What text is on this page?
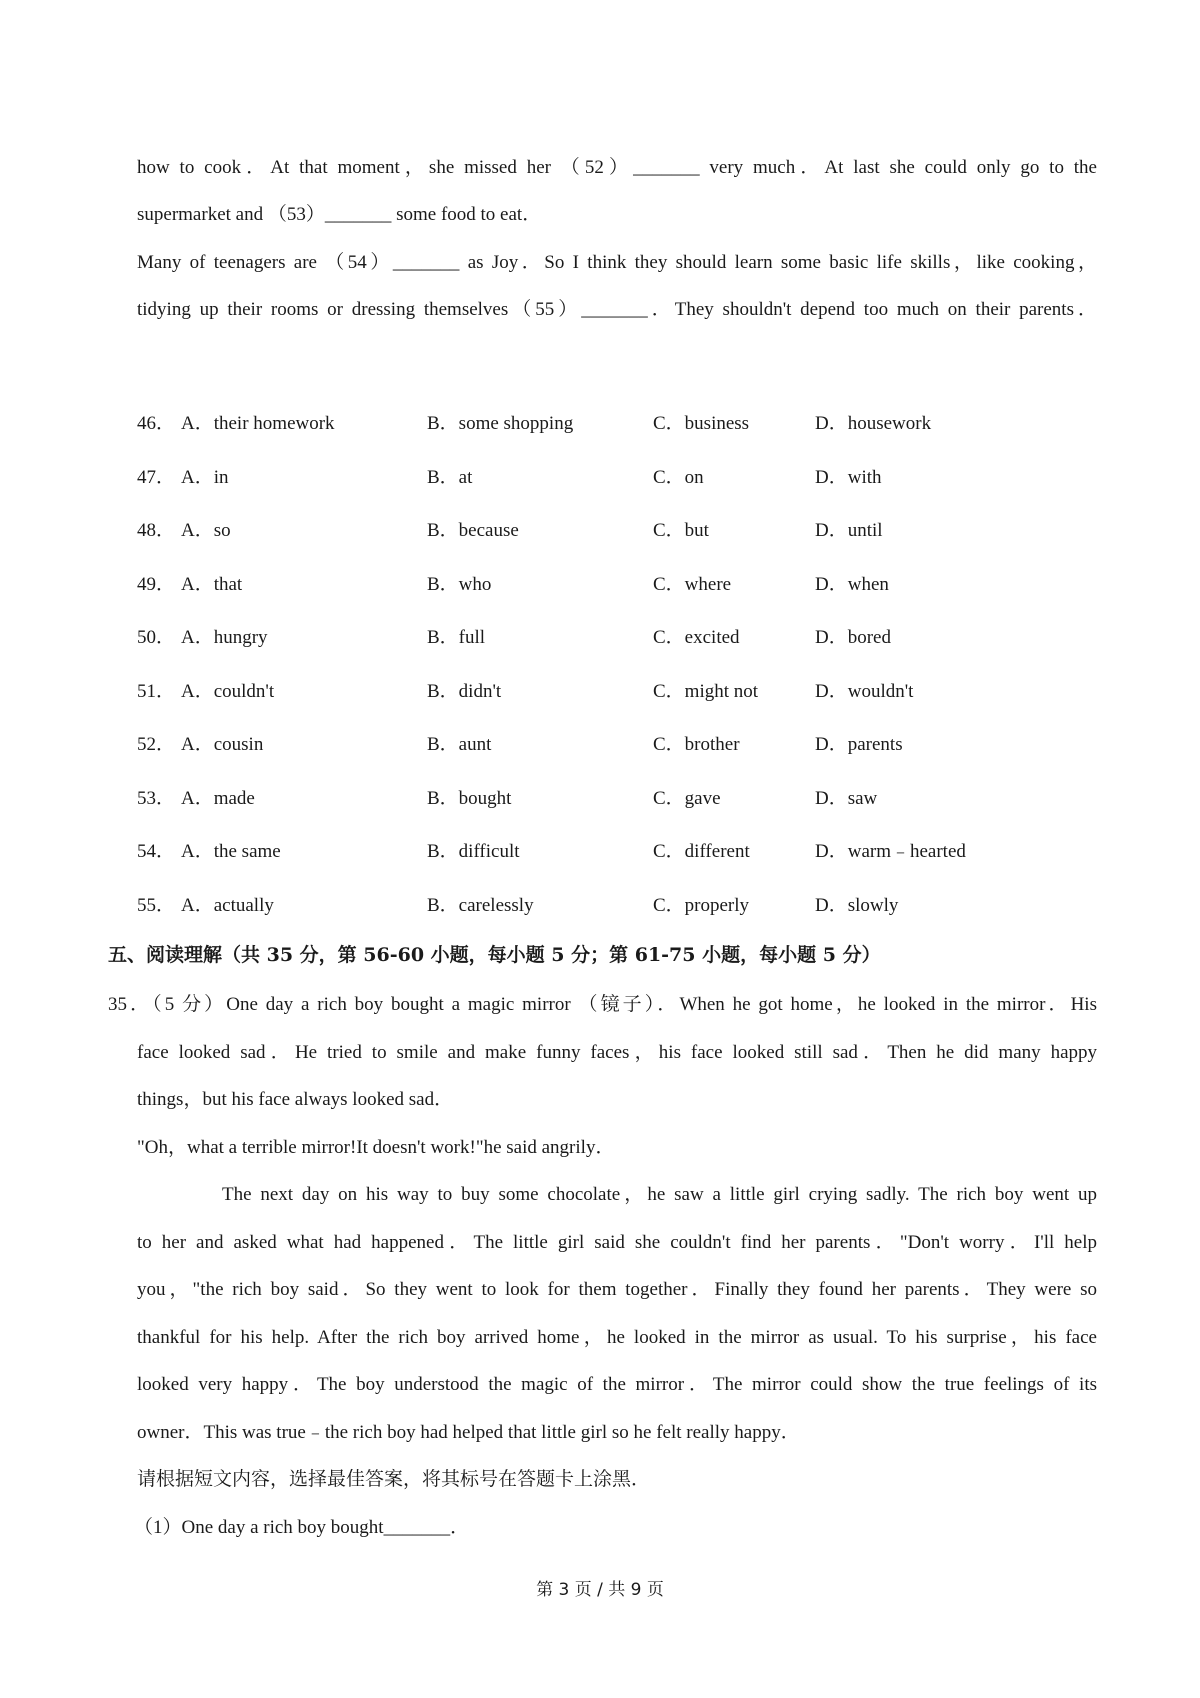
how to cook．At that moment，she missed her （52）_______ very much．At last she could only go to the
supermarket and （53）_______ some food to eat．
Many of teenagers are （54）_______ as Joy．So I think they should learn some basic life skills，like cooking，
tidying up their rooms or dressing themselves（55）_______．They shouldn't depend too much on their parents．
46． A．their homework	B．some shopping	C．business	D．housework
47． A．in	B．at	C．on	D．with
48． A．so	B．because	C．but	D．until
49． A．that	B．who	C．where	D．when
50． A．hungry	B．full	C．excited	D．bored
51． A．couldn't	B．didn't	C．might not	D．wouldn't
52． A．cousin	B．aunt	C．brother	D．parents
53． A．made	B．bought	C．gave	D．saw
54． A．the same	B．difficult	C．different	D．warm﹣hearted
55． A．actually	B．carelessly	C．properly	D．slowly
五、阅读理解（共 35 分，第 56-60 小题，每小题 5 分；第 61-75 小题，每小题 5 分）
35．（5 分）One day a rich boy bought a magic mirror （镜子）．When he got home，he looked in the mirror．His
face looked sad．He tried to smile and make funny faces，his face looked still sad．Then he did many happy
things，but his face always looked sad．
"Oh，what a terrible mirror!It doesn't work!"he said angrily．
The next day on his way to buy some chocolate，he saw a little girl crying sadly. The rich boy went up
to her and asked what had happened．The little girl said she couldn't find her parents．"Don't worry．I'll help
you，"the rich boy said．So they went to look for them together．Finally they found her parents．They were so
thankful for his help. After the rich boy arrived home，he looked in the mirror as usual. To his surprise，his face
looked very happy．The boy understood the magic of the mirror．The mirror could show the true feelings of its
owner．This was true﹣the rich boy had helped that little girl so he felt really happy．
请根据短文内容，选择最佳答案，将其标号在答题卡上涂黑．
（1）One day a rich boy bought_______．
第 3 页 / 共 9 页
